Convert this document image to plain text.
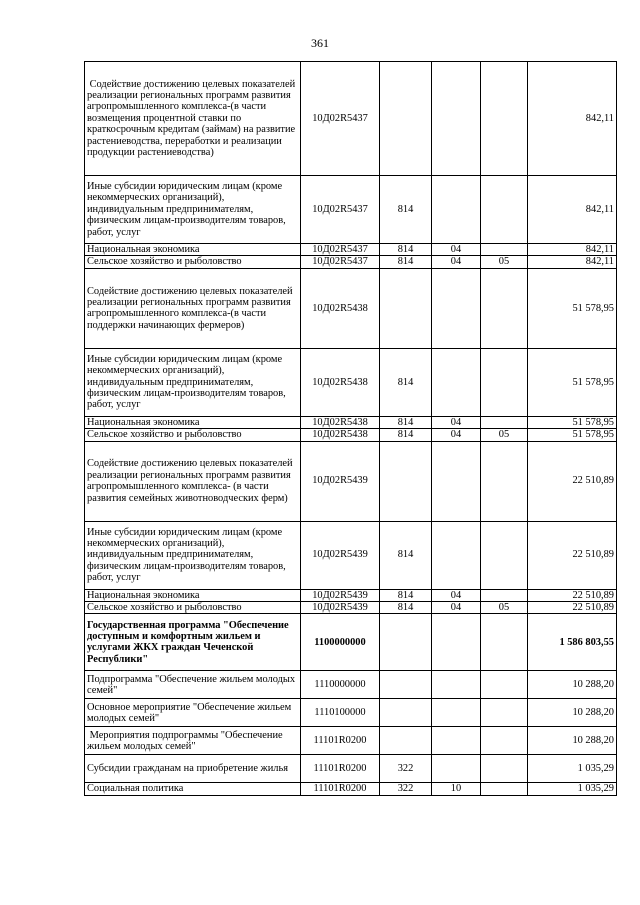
361
Содействие достижению целевых показателей реализации региональных программ развития агропромышленного комплекса-(в части возмещения процентной ставки по краткосрочным кредитам (займам) на развитие растениеводства, переработки и реализации продукции растениеводства)	10Д02R5437				842,11
Иные субсидии юридическим лицам (кроме некоммерческих организаций), индивидуальным предпринимателям, физическим лицам-производителям товаров, работ, услуг	10Д02R5437	814			842,11
Национальная экономика	10Д02R5437	814	04		842,11
Сельское хозяйство и рыболовство	10Д02R5437	814	04	05	842,11
Содействие достижению целевых показателей реализации региональных программ развития агропромышленного комплекса-(в части поддержки начинающих фермеров)	10Д02R5438				51 578,95
Иные субсидии юридическим лицам (кроме некоммерческих организаций), индивидуальным предпринимателям, физическим лицам-производителям товаров, работ, услуг	10Д02R5438	814			51 578,95
Национальная экономика	10Д02R5438	814	04		51 578,95
Сельское хозяйство и рыболовство	10Д02R5438	814	04	05	51 578,95
Содействие достижению целевых показателей реализации региональных программ развития агропромышленного комплекса- (в части развития семейных животноводческих ферм)	10Д02R5439				22 510,89
Иные субсидии юридическим лицам (кроме некоммерческих организаций), индивидуальным предпринимателям, физическим лицам-производителям товаров, работ, услуг	10Д02R5439	814			22 510,89
Национальная экономика	10Д02R5439	814	04		22 510,89
Сельское хозяйство и рыболовство	10Д02R5439	814	04	05	22 510,89
Государственная программа "Обеспечение доступным и комфортным жильем и услугами ЖКХ граждан Чеченской Республики"	1100000000				1 586 803,55
Подпрограмма "Обеспечение жильем молодых семей"	1110000000				10 288,20
Основное мероприятие "Обеспечение жильем молодых семей"	1110100000				10 288,20
Мероприятия подпрограммы "Обеспечение жильем молодых семей"	11101R0200				10 288,20
Субсидии гражданам на приобретение жилья	11101R0200	322			1 035,29
Социальная политика	11101R0200	322	10		1 035,29
